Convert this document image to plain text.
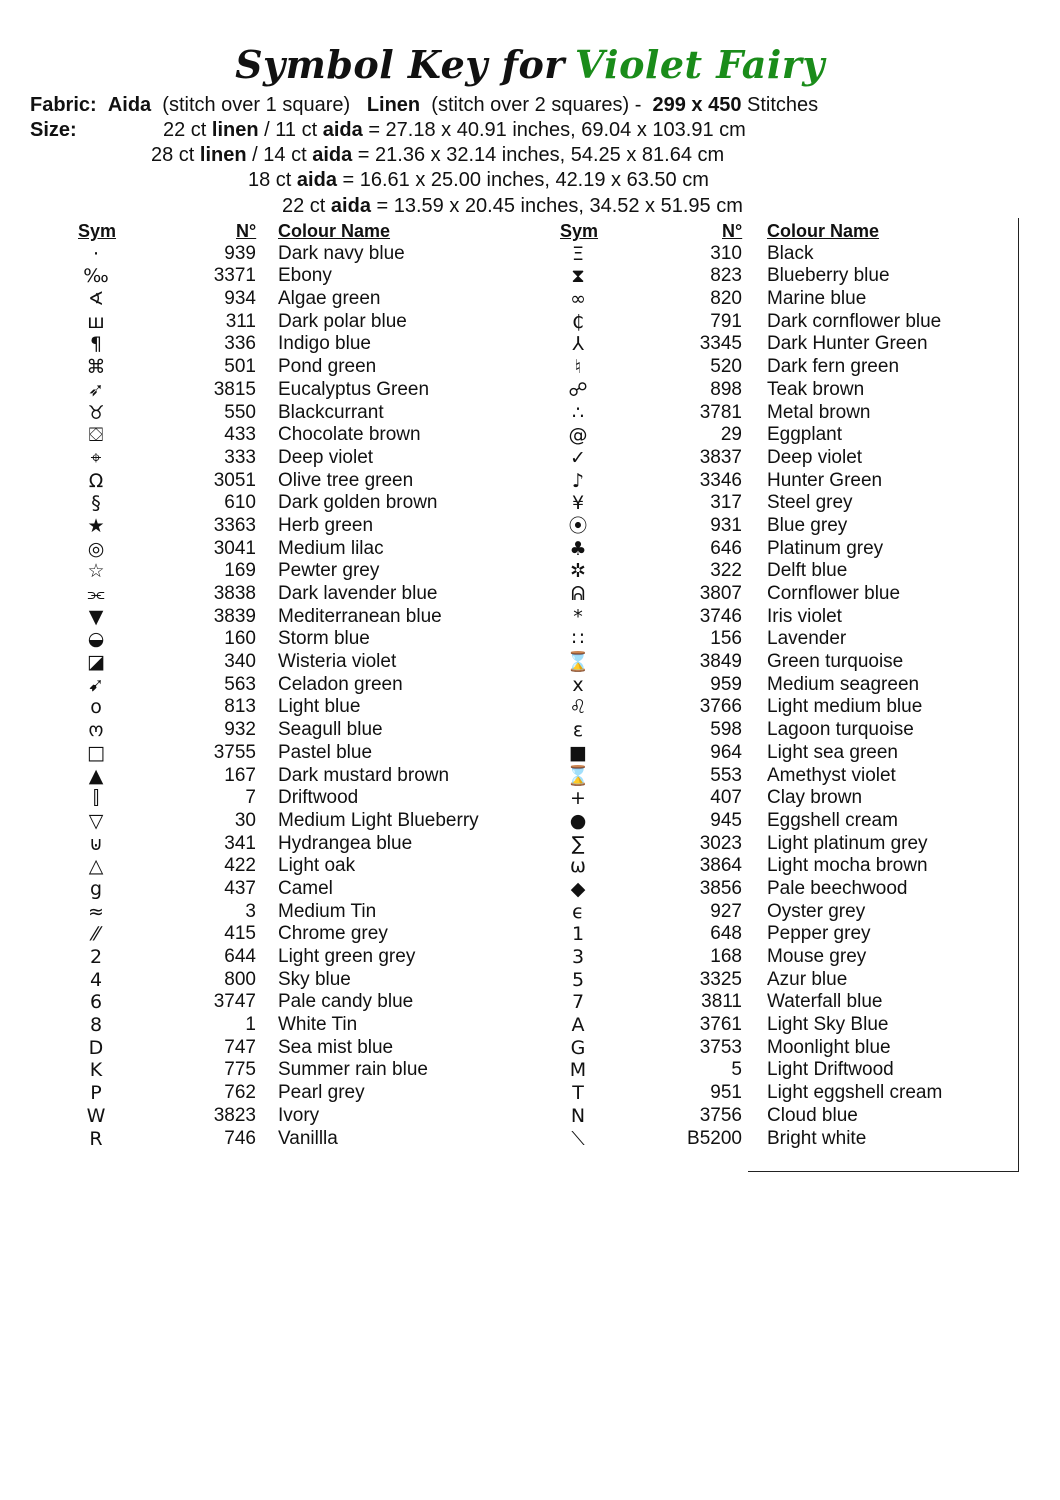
Symbol Key for Violet Fairy
Fabric: Aida (stitch over 1 square) Linen (stitch over 2 squares) - 299 x 450 Stitches
Size:	22 ct linen / 11 ct aida = 27.18 x 40.91 inches, 69.04 x 103.91 cm
28 ct linen / 14 ct aida = 21.36 x 32.14 inches, 54.25 x 81.64 cm
18 ct aida = 16.61 x 25.00 inches, 42.19 x 63.50 cm
22 ct aida = 13.59 x 20.45 inches, 34.52 x 51.95 cm
Sym	N° Colour Name
·	939 Dark navy blue
‰	3371 Ebony
∢	934 Algae green
ш	311 Dark polar blue
¶	336 Indigo blue
⌘	501 Pond green
➶	3815 Eucalyptus Green
♉	550 Blackcurrant
⛋	433 Chocolate brown
⌖	333 Deep violet
Ω	3051 Olive tree green
§	610 Dark golden brown
★	3363 Herb green
◎	3041 Medium lilac
☆	169 Pewter grey
⫘	3838 Dark lavender blue
▼	3839 Mediterranean blue
◒	160 Storm blue
◪	340 Wisteria violet
➹	563 Celadon green
o	813 Light blue
ო	932 Seagull blue
□	3755 Pastel blue
▲	167 Dark mustard brown
⫿	7 Driftwood
▽	30 Medium Light Blueberry
⊍	341 Hydrangea blue
△	422 Light oak
g	437 Camel
≈	3 Medium Tin
⁄⁄	415 Chrome grey
2	644 Light green grey
4	800 Sky blue
6	3747 Pale candy blue
8	1 White Tin
D	747 Sea mist blue
K	775 Summer rain blue
P	762 Pearl grey
W	3823 Ivory
R	746 Vanillla
Sym	N° Colour Name
Ξ	310 Black
⧗	823 Blueberry blue
∞	820 Marine blue
₵	791 Dark cornflower blue
⅄	3345 Dark Hunter Green
♮	520 Dark fern green
☍	898 Teak brown
∴	3781 Metal brown
@	29 Eggplant
✓	3837 Deep violet
♪	3346 Hunter Green
¥	317 Steel grey
⦿	931 Blue grey
♣	646 Platinum grey
✲	322 Delft blue
ᕱ	3807 Cornflower blue
*	3746 Iris violet
∷	156 Lavender
⌛	3849 Green turquoise
x	959 Medium seagreen
♌	3766 Light medium blue
ε	598 Lagoon turquoise
■	964 Light sea green
⌛	553 Amethyst violet
+	407 Clay brown
●	945 Eggshell cream
∑	3023 Light platinum grey
ω	3864 Light mocha brown
◆	3856 Pale beechwood
ϵ	927 Oyster grey
1	648 Pepper grey
3	168 Mouse grey
5	3325 Azur blue
7	3811 Waterfall blue
A	3761 Light Sky Blue
G	3753 Moonlight blue
M	5 Light Driftwood
T	951 Light eggshell cream
N	3756 Cloud blue
⟍	B5200 Bright white
